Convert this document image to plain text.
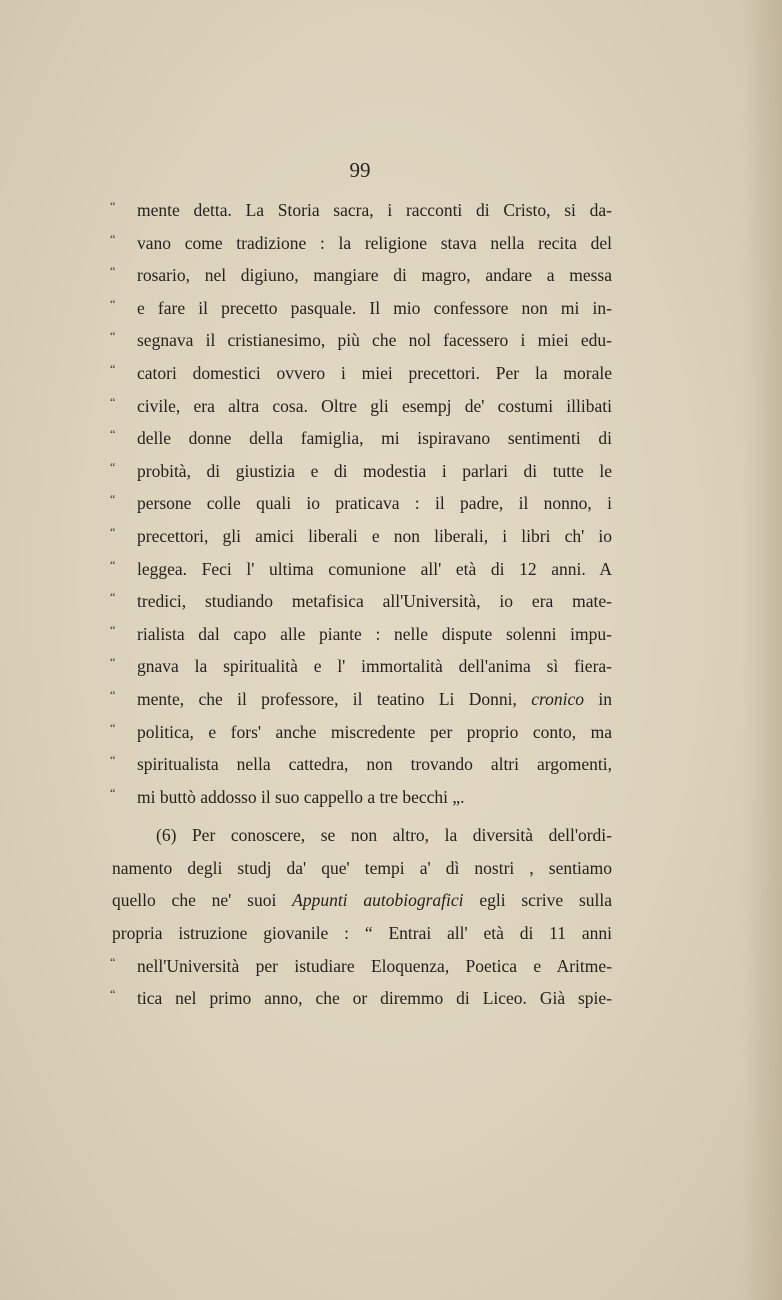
99
“	mente detta. La Storia sacra, i racconti di Cristo, si da-
“	vano come tradizione : la religione stava nella recita del
“	rosario, nel digiuno, mangiare di magro, andare a messa
“	e fare il precetto pasquale. Il mio confessore non mi in-
“	segnava il cristianesimo, più che nol facessero i miei edu-
“	catori domestici ovvero i miei precettori. Per la morale
“	civile, era altra cosa. Oltre gli esempj de' costumi illibati
“	delle donne della famiglia, mi ispiravano sentimenti di
“	probità, di giustizia e di modestia i parlari di tutte le
“	persone colle quali io praticava : il padre, il nonno, i
“	precettori, gli amici liberali e non liberali, i libri ch' io
“	leggea. Feci l' ultima comunione all' età di 12 anni. A
“	tredici, studiando metafisica all'Università, io era mate-
“	rialista dal capo alle piante : nelle dispute solenni impu-
“	gnava la spiritualità e l' immortalità dell'anima sì fiera-
“	mente, che il professore, il teatino Li Donni, cronico in
“	politica, e fors' anche miscredente per proprio conto, ma
“	spiritualista nella cattedra, non trovando altri argomenti,
“	mi buttò addosso il suo cappello a tre becchi „.
(6) Per conoscere, se non altro, la diversità dell'ordi-
namento degli studj da' que' tempi a' dì nostri , sentiamo
quello che ne' suoi Appunti autobiografici egli scrive sulla
propria istruzione giovanile : “ Entrai all' età di 11 anni
“	nell'Università per istudiare Eloquenza, Poetica e Aritme-
“	tica nel primo anno, che or diremmo di Liceo. Già spie-
